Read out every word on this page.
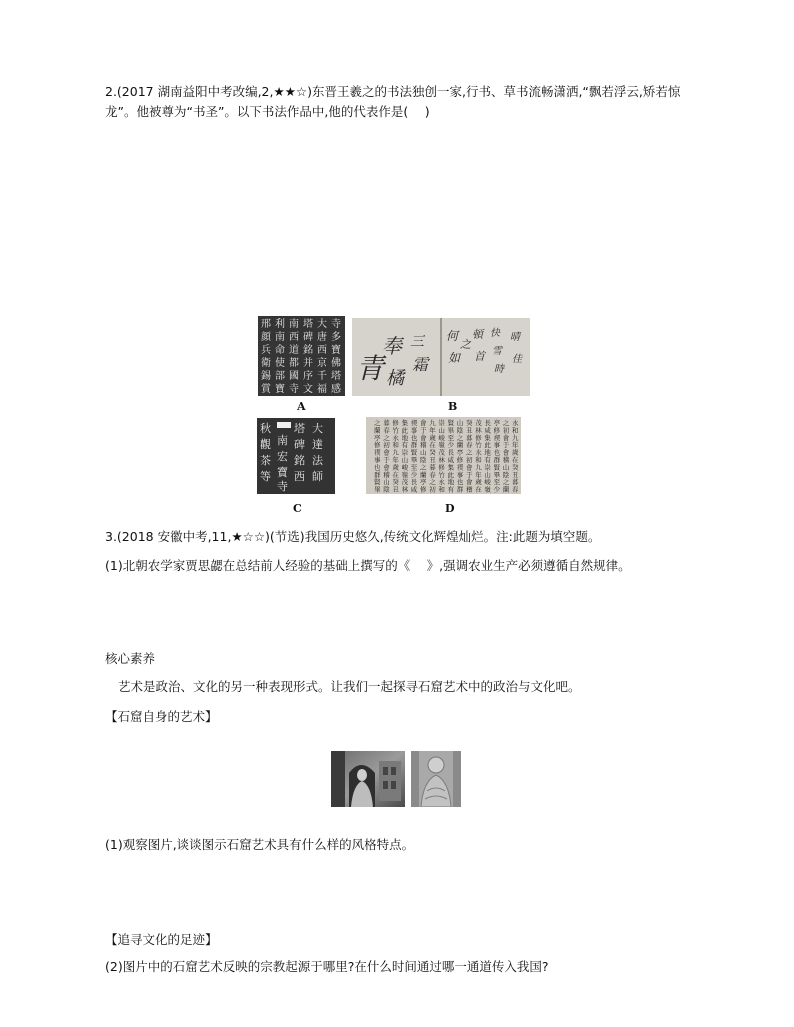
2.(2017 湖南益阳中考改编,2,★★☆)东晋王羲之的书法独创一家,行书、草书流畅潇洒,“飘若浮云,矫若惊
龙”。他被尊为“书圣”。以下书法作品中,他的代表作是(　 )
邢
顔
兵
衛
錫
賞
利
南
命
使
部
寶
南
西
道
都
國
寺
塔
碑
銘
并
序
文
大
唐
西
京
千
福
寺
多
寶
佛
塔
感
A
青
奉
橘
三
霜
何
如
之
頓
首
快
雪
時
晴
佳
B
秋
觀
茶
等
南
宏
寶
寺
塔
碑
銘
西
大
達
法
師
C
永
和
九
年
歲
在
癸
丑
暮
春
之
初
會
于
會
稽
山
陰
之
蘭
亭
修
禊
事
也
群
賢
畢
至
少
長
咸
集
此
地
有
崇
山
峻
嶺
茂
林
修
竹
永
和
九
年
歲
在
癸
丑
暮
春
之
初
會
于
會
稽
山
陰
之
蘭
亭
修
禊
事
也
群
賢
畢
至
少
長
咸
集
此
地
有
崇
山
峻
嶺
茂
林
修
竹
永
和
九
年
歲
在
癸
丑
暮
春
之
初
會
于
會
稽
山
陰
之
蘭
亭
修
禊
事
也
群
賢
畢
至
少
長
咸
集
此
地
有
崇
山
峻
嶺
茂
林
修
竹
永
和
九
年
歲
在
癸
丑
暮
春
之
初
會
于
會
稽
山
陰
之
蘭
亭
修
禊
事
也
群
賢
畢
D
3.(2018 安徽中考,11,★☆☆)(节选)我国历史悠久,传统文化辉煌灿烂。注:此题为填空题。
(1)北朝农学家贾思勰在总结前人经验的基础上撰写的《　 》,强调农业生产必须遵循自然规律。
核心素养
艺术是政治、文化的另一种表现形式。让我们一起探寻石窟艺术中的政治与文化吧。
【石窟自身的艺术】
(1)观察图片,谈谈图示石窟艺术具有什么样的风格特点。
【追寻文化的足迹】
(2)图片中的石窟艺术反映的宗教起源于哪里?在什么时间通过哪一通道传入我国?
